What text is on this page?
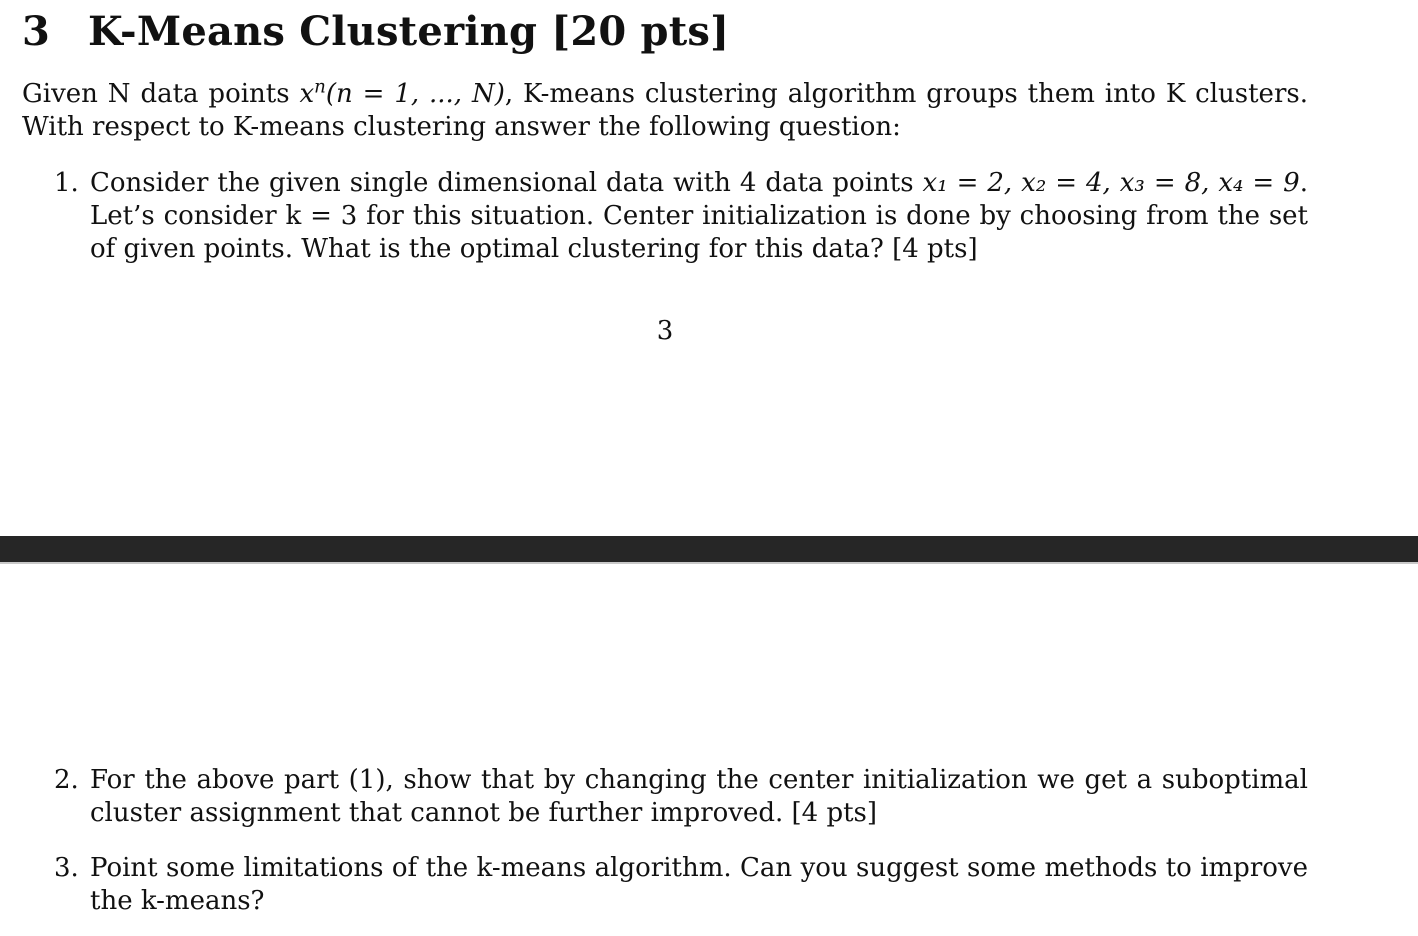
3 K-Means Clustering [20 pts]
Given N data points $x^n(n = 1$, ..., N), K-means clustering algorithm groups them into K clusters. With respect to K-means clustering answer the following question:
1. Consider the given single dimensional data with 4 data points x₁ = 2, x₂ = 4, x₃ = 8, x₄ = 9. Let’s consider k = 3 for this situation. Center initialization is done by choosing from the set of given points. What is the optimal clustering for this data? [4 pts]
3
2. For the above part (1), show that by changing the center initialization we get a suboptimal cluster assignment that cannot be further improved. [4 pts]
3. Point some limitations of the k-means algorithm. Can you suggest some methods to improve the k-means?
